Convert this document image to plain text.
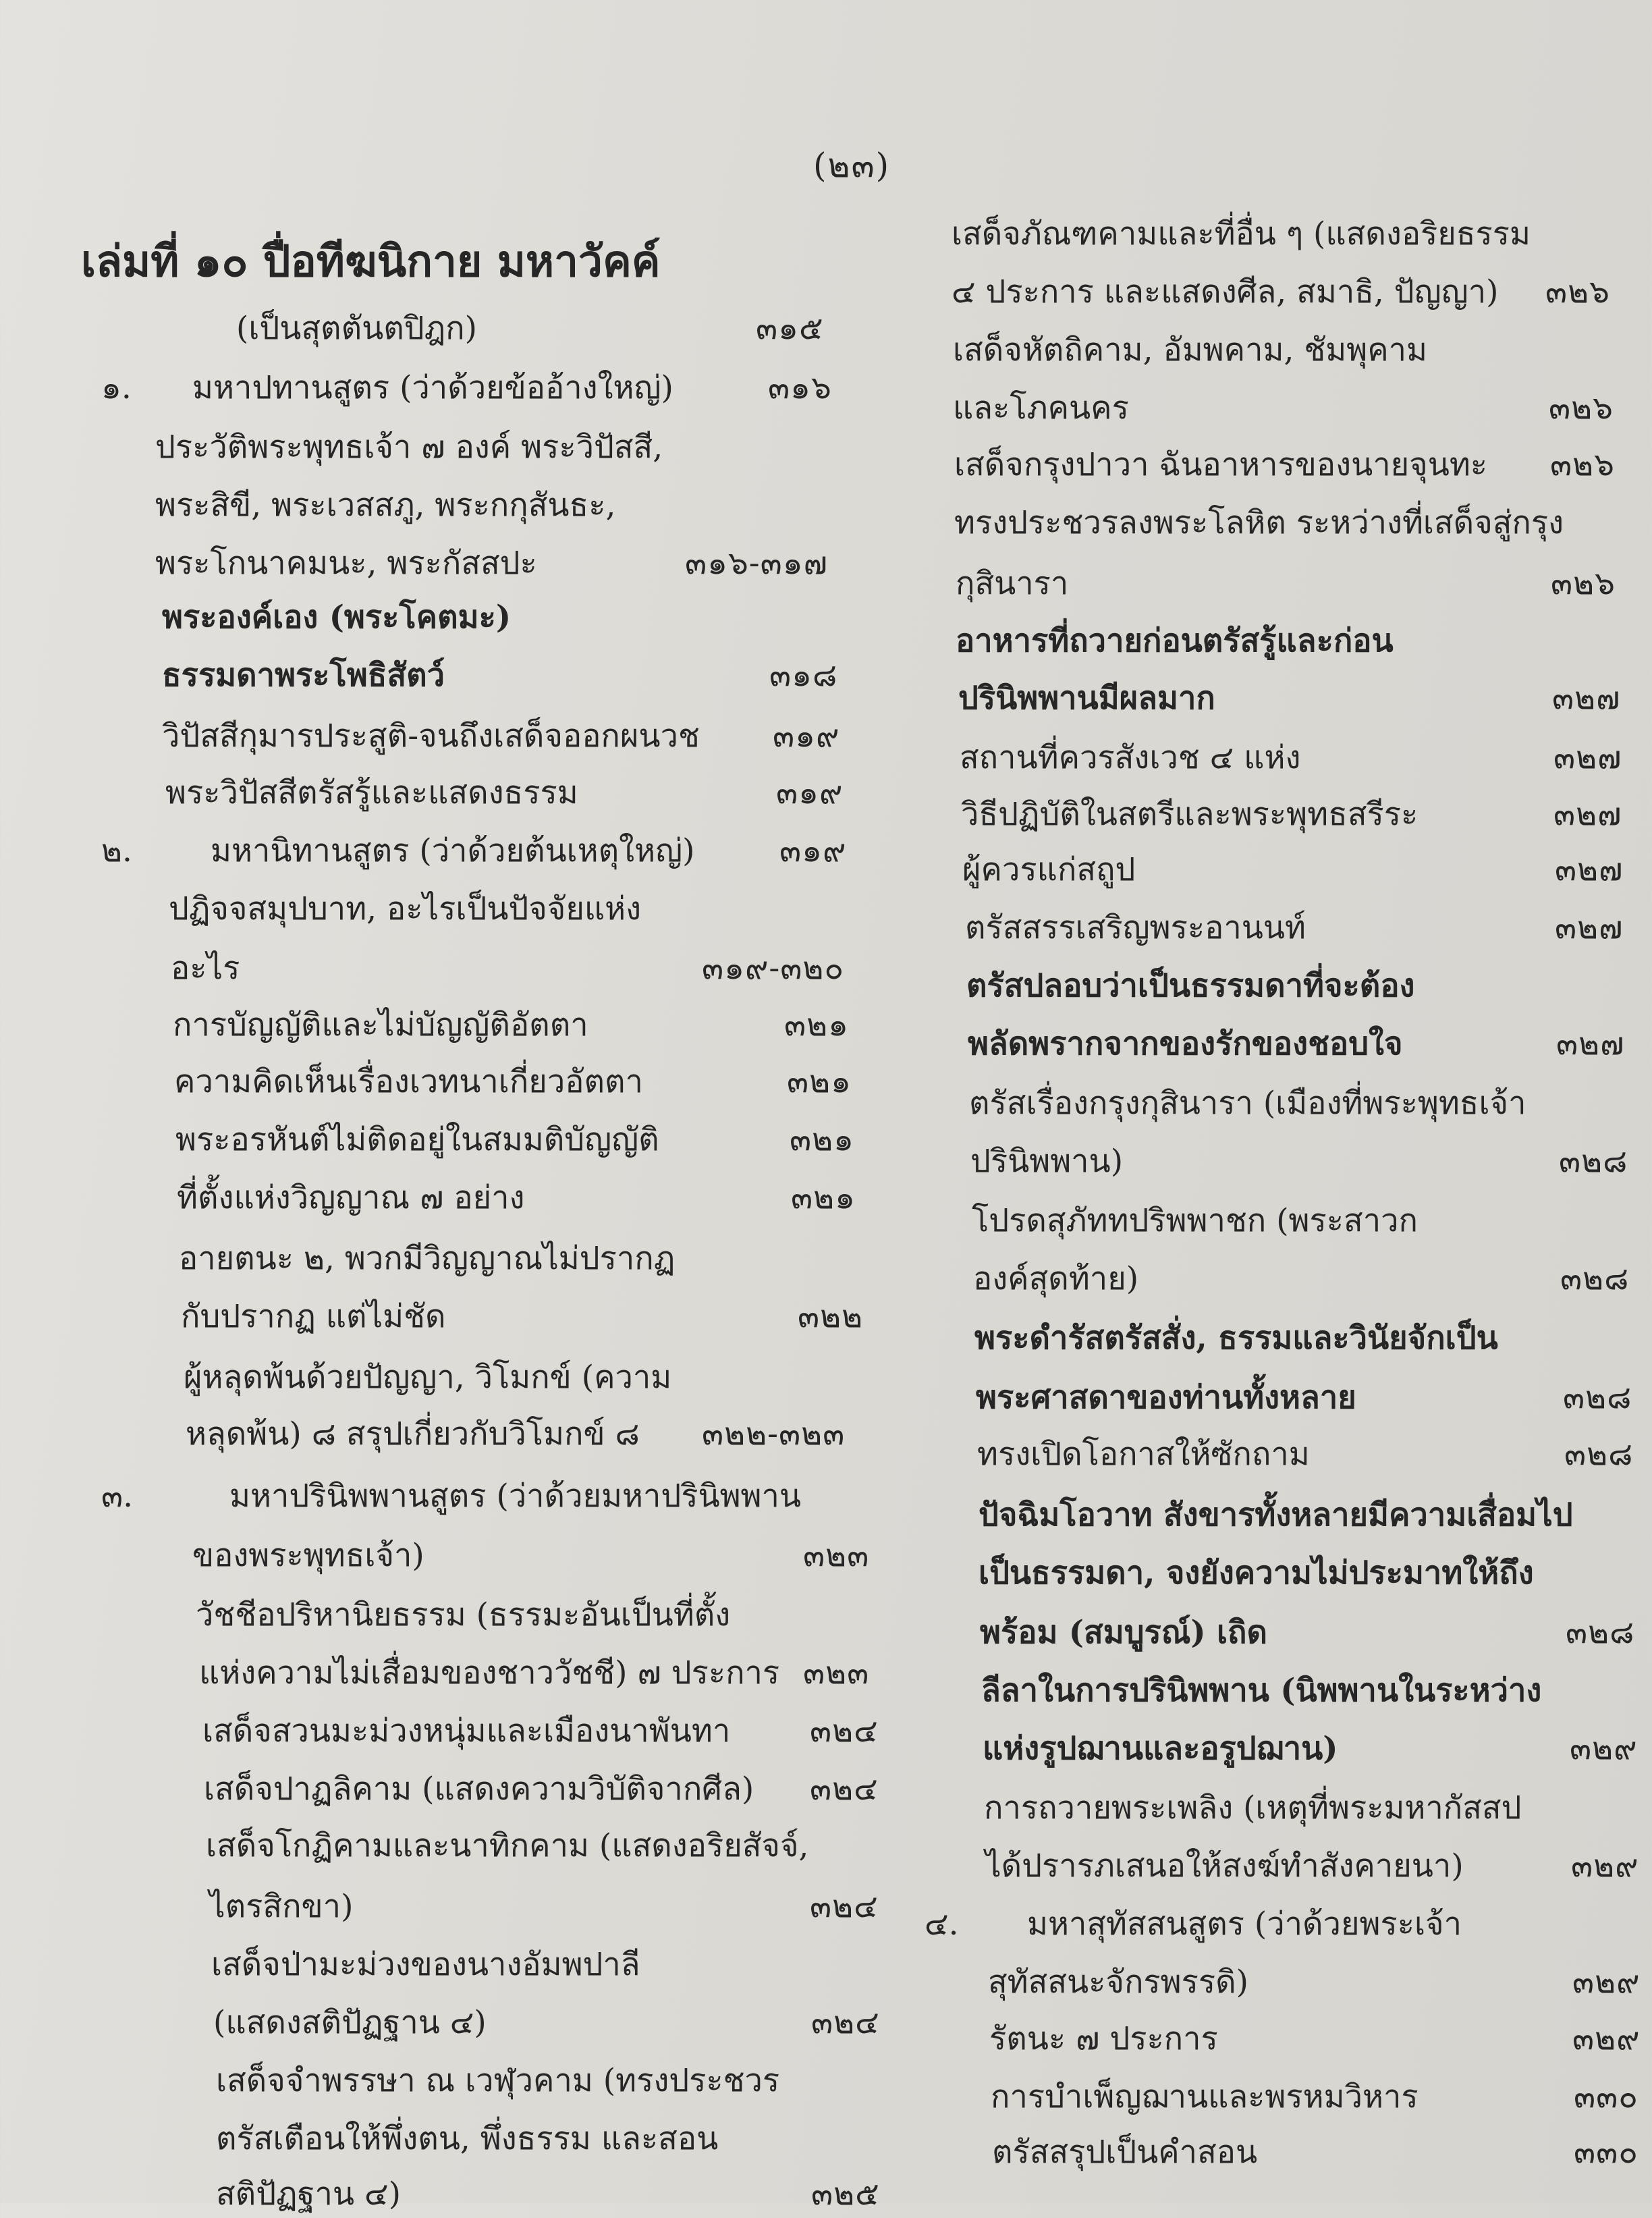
(๒๓)
เล่มที่ ๑๐ ปื่อทีฆนิกาย มหาวัคค์
(เป็นสุตตันตปิฎก)	๓๑๕
๑. มหาปทานสูตร (ว่าด้วยข้ออ้างใหญ่)	๓๑๖
ประวัติพระพุทธเจ้า ๗ องค์ พระวิปัสสี,
พระสิขี, พระเวสสภู, พระกกุสันธะ,
พระโกนาคมนะ, พระกัสสปะ	๓๑๖-๓๑๗
พระองค์เอง (พระโคตมะ)
ธรรมดาพระโพธิสัตว์	๓๑๘
วิปัสสีกุมารประสูติ-จนถึงเสด็จออกผนวช ๓๑๙
พระวิปัสสีตรัสรู้และแสดงธรรม	๓๑๙
๒. มหานิทานสูตร (ว่าด้วยต้นเหตุใหญ่)	๓๑๙
ปฏิจจสมุปบาท, อะไรเป็นปัจจัยแห่ง
อะไร	๓๑๙-๓๒๐
การบัญญัติและไม่บัญญัติอัตตา	๓๒๑
ความคิดเห็นเรื่องเวทนาเกี่ยวอัตตา	๓๒๑
พระอรหันต์ไม่ติดอยู่ในสมมติบัญญัติ	๓๒๑
ที่ตั้งแห่งวิญญาณ ๗ อย่าง	๓๒๑
อายตนะ ๒, พวกมีวิญญาณไม่ปรากฏ
กับปรากฏ แต่ไม่ชัด	๓๒๒
ผู้หลุดพ้นด้วยปัญญา, วิโมกข์ (ความ
หลุดพ้น) ๘ สรุปเกี่ยวกับวิโมกข์ ๘ ๓๒๒-๓๒๓
๓.	มหาปรินิพพานสูตร (ว่าด้วยมหาปรินิพพาน
ของพระพุทธเจ้า)	๓๒๓
วัชชีอปริหานิยธรรม (ธรรมะอันเป็นที่ตั้ง
แห่งความไม่เสื่อมของชาววัชชี) ๗ ประการ ๓๒๓
เสด็จสวนมะม่วงหนุ่มและเมืองนาพันทา	๓๒๔
เสด็จปาฏลิคาม (แสดงความวิบัติจากศีล) ๓๒๔
เสด็จโกฏิคามและนาทิกคาม (แสดงอริยสัจจ์,
ไตรสิกขา)	๓๒๔
เสด็จป่ามะม่วงของนางอัมพปาลี
(แสดงสติปัฏฐาน ๔)	๓๒๔
เสด็จจำพรรษา ณ เวฬุวคาม (ทรงประชวร
ตรัสเตือนให้พึ่งตน, พึ่งธรรม และสอน
สติปัฏฐาน ๔)	๓๒๕
เสด็จภัณฑคามและที่อื่น ๆ (แสดงอริยธรรม
๔ ประการ และแสดงศีล, สมาธิ, ปัญญา) ๓๒๖
เสด็จหัตถิคาม, อัมพคาม, ชัมพุคาม
และโภคนคร	๓๒๖
เสด็จกรุงปาวา ฉันอาหารของนายจุนทะ ๓๒๖
ทรงประชวรลงพระโลหิต ระหว่างที่เสด็จสู่กรุง
กุสินารา	๓๒๖
อาหารที่ถวายก่อนตรัสรู้และก่อน
ปรินิพพานมีผลมาก	๓๒๗
สถานที่ควรสังเวช ๔ แห่ง	๓๒๗
วิธีปฏิบัติในสตรีและพระพุทธสรีระ	๓๒๗
ผู้ควรแก่สถูป	๓๒๗
ตรัสสรรเสริญพระอานนท์	๓๒๗
ตรัสปลอบว่าเป็นธรรมดาที่จะต้อง
พลัดพรากจากของรักของชอบใจ	๓๒๗
ตรัสเรื่องกรุงกุสินารา (เมืองที่พระพุทธเจ้า
ปรินิพพาน)	๓๒๘
โปรดสุภัททปริพพาชก (พระสาวก
องค์สุดท้าย)	๓๒๘
พระดำรัสตรัสสั่ง, ธรรมและวินัยจักเป็น
พระศาสดาของท่านทั้งหลาย	๓๒๘
ทรงเปิดโอกาสให้ซักถาม	๓๒๘
ปัจฉิมโอวาท สังขารทั้งหลายมีความเสื่อมไป
เป็นธรรมดา, จงยังความไม่ประมาทให้ถึง
พร้อม (สมบูรณ์) เถิด	๓๒๘
ลีลาในการปรินิพพาน (นิพพานในระหว่าง
แห่งรูปฌานและอรูปฌาน)	๓๒๙
การถวายพระเพลิง (เหตุที่พระมหากัสสป
ได้ปรารภเสนอให้สงฆ์ทำสังคายนา)	๓๒๙
๔. มหาสุทัสสนสูตร (ว่าด้วยพระเจ้า
สุทัสสนะจักรพรรดิ)	๓๒๙
รัตนะ ๗ ประการ	๓๒๙
การบำเพ็ญฌานและพรหมวิหาร	๓๓๐
ตรัสสรุปเป็นคำสอน	๓๓๐
